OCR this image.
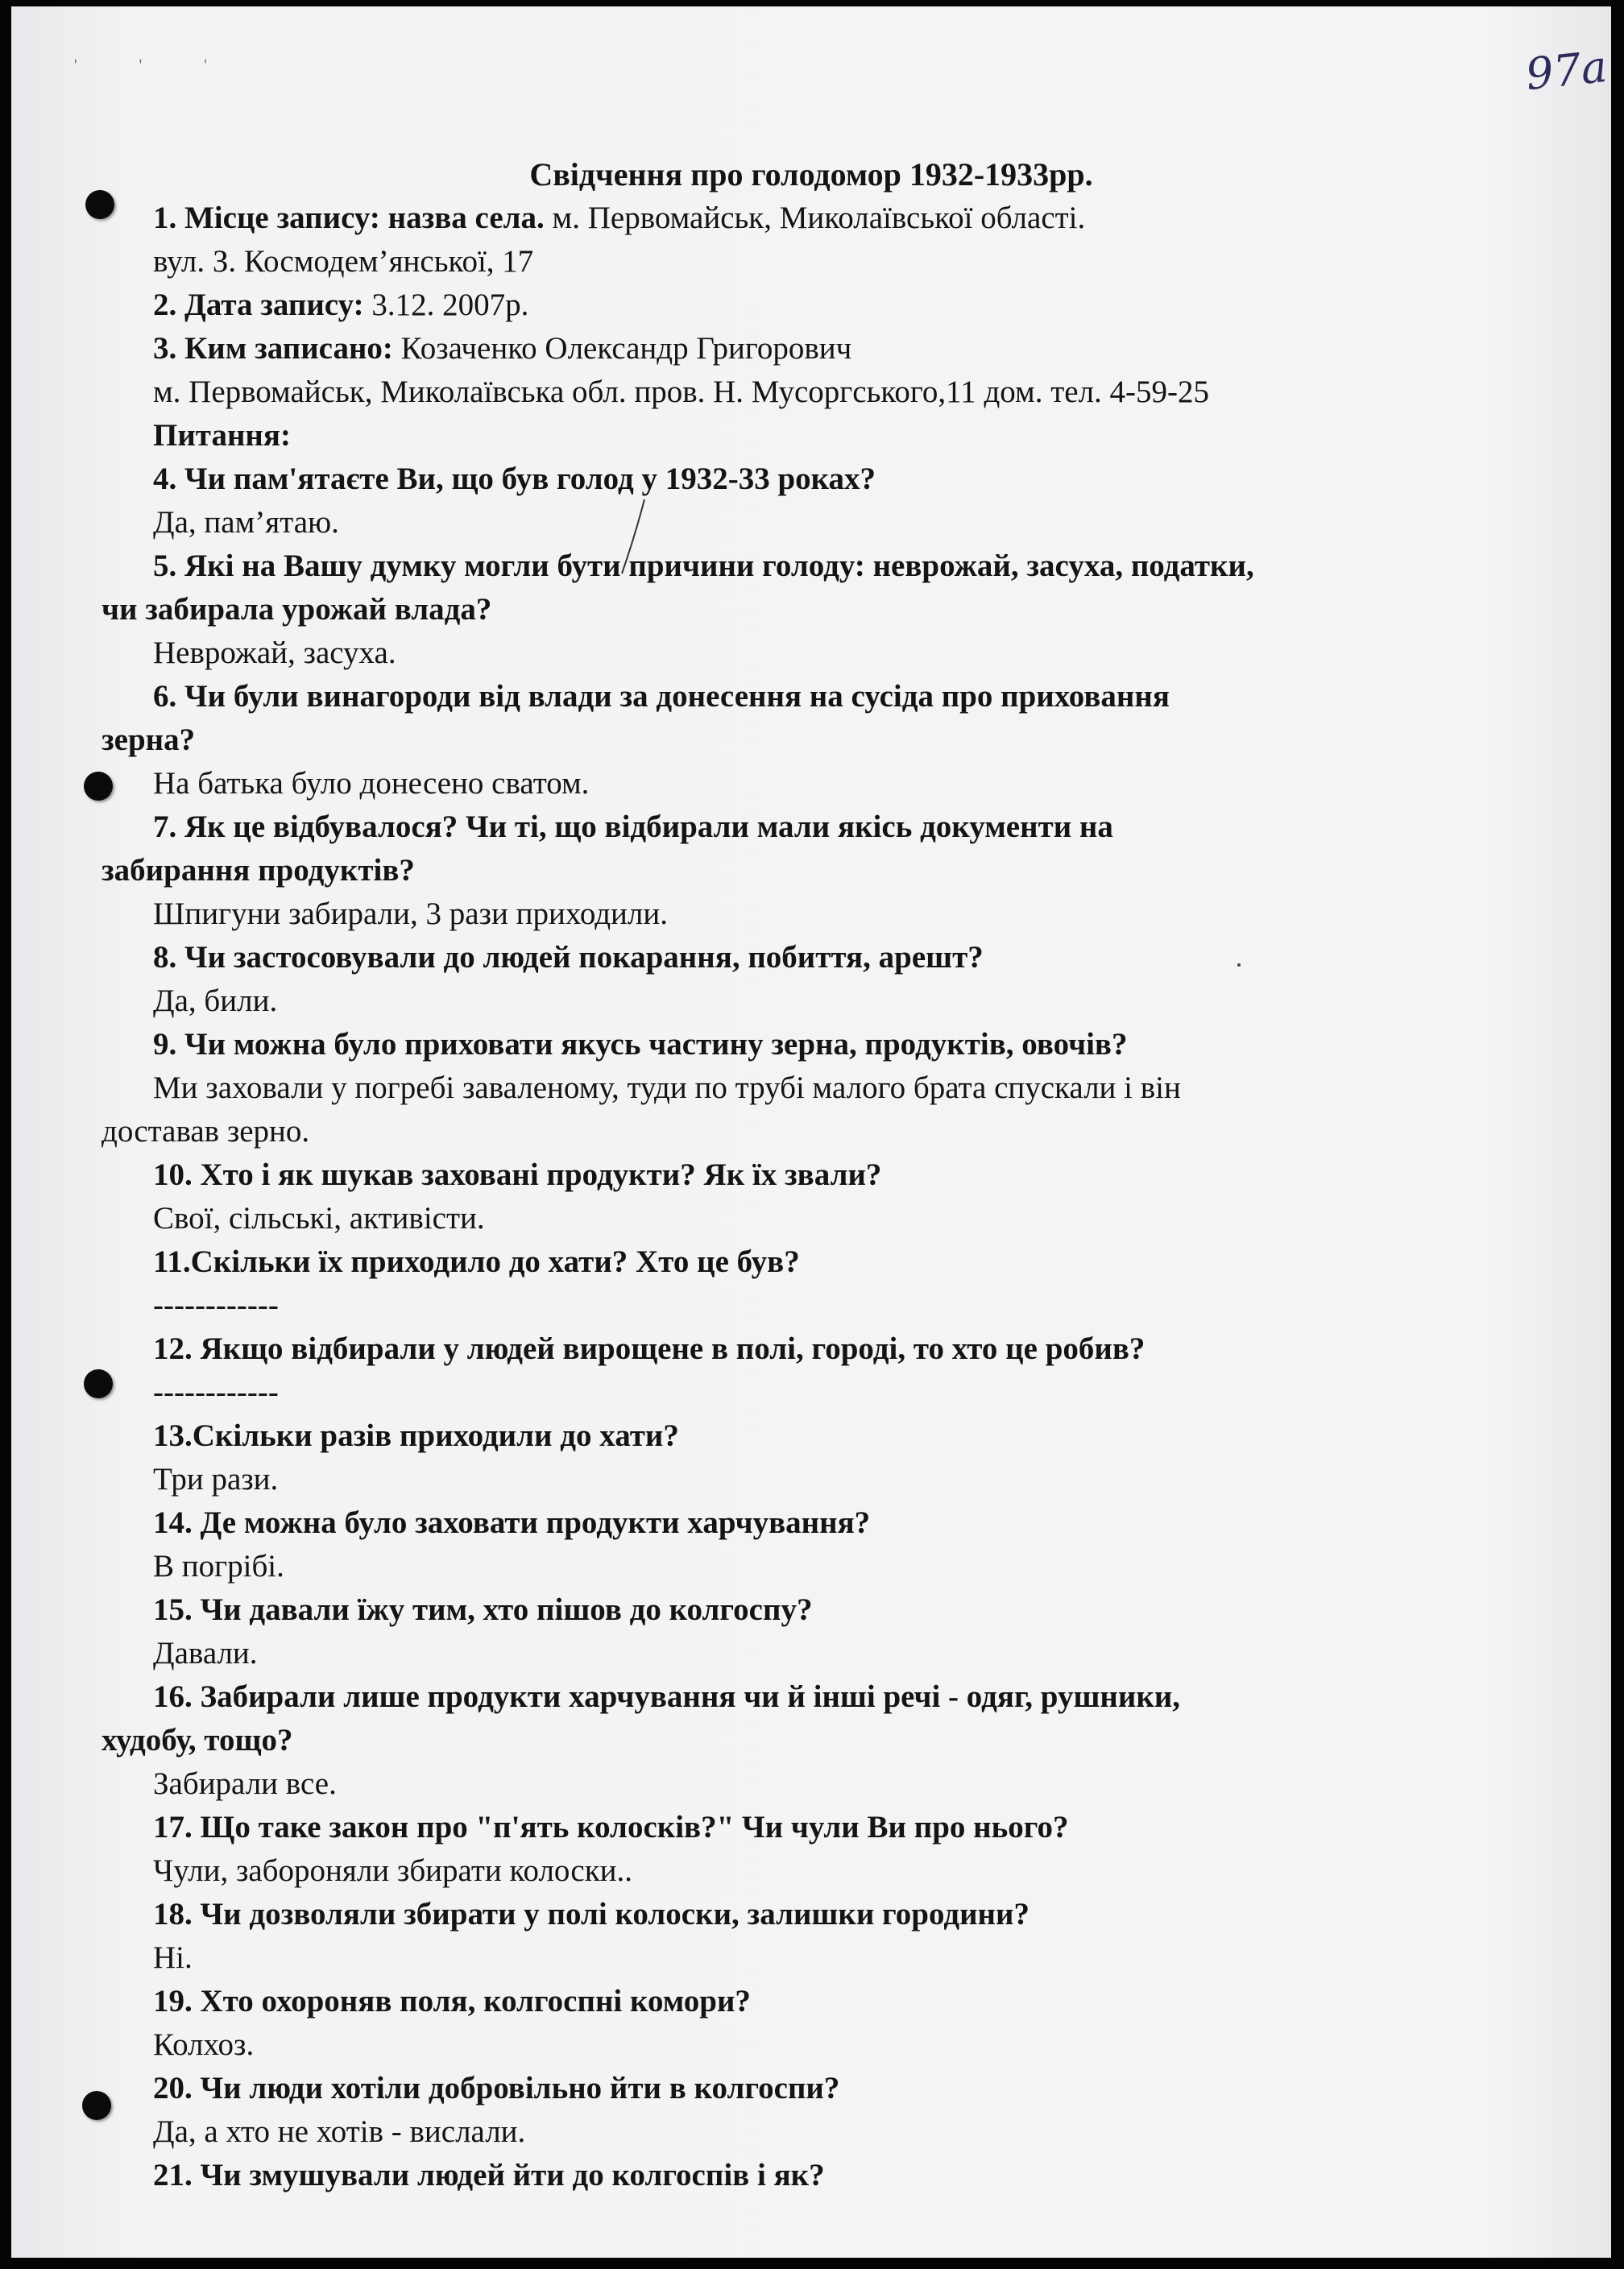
' ' '	97а
Свідчення про голодомор 1932-1933рр.
1. Місце запису: назва села. м. Первомайськ, Миколаївської області.
вул. З. Космодем’янської, 17
2. Дата запису: 3.12. 2007р.
3. Ким записано: Козаченко Олександр Григорович
м. Первомайськ, Миколаївська обл. пров. Н. Мусоргського,11 дом. тел. 4-59-25
Питання:
4. Чи пам'ятаєте Ви, що був голод у 1932-33 роках?
Да, пам’ятаю.
5. Які на Вашу думку могли бути причини голоду: неврожай, засуха, податки,
чи забирала урожай влада?
Неврожай, засуха.
6. Чи були винагороди від влади за донесення на сусіда про приховання
зерна?
На батька було донесено сватом.
7. Як це відбувалося? Чи ті, що відбирали мали якісь документи на
забирання продуктів?
Шпигуни забирали, 3 рази приходили.
8. Чи застосовували до людей покарання, побиття, арешт?
Да, били.
9. Чи можна було приховати якусь частину зерна, продуктів, овочів?
Ми заховали у погребі заваленому, туди по трубі малого брата спускали і він
доставав зерно.
10. Хто і як шукав заховані продукти? Як їх звали?
Свої, сільські, активісти.
11.Скільки їх приходило до хати? Хто це був?
------------
12. Якщо відбирали у людей вирощене в полі, городі, то хто це робив?
------------
13.Скільки разів приходили до хати?
Три рази.
14. Де можна було заховати продукти харчування?
В погрібі.
15. Чи давали їжу тим, хто пішов до колгоспу?
Давали.
16. Забирали лише продукти харчування чи й інші речі - одяг, рушники,
худобу, тощо?
Забирали все.
17. Що таке закон про "п'ять колосків?" Чи чули Ви про нього?
Чули, забороняли збирати колоски..
18. Чи дозволяли збирати у полі колоски, залишки городини?
Ні.
19. Хто охороняв поля, колгоспні комори?
Колхоз.
20. Чи люди хотіли добровільно йти в колгоспи?
Да, а хто не хотів - вислали.
21. Чи змушували людей йти до колгоспів і як?
